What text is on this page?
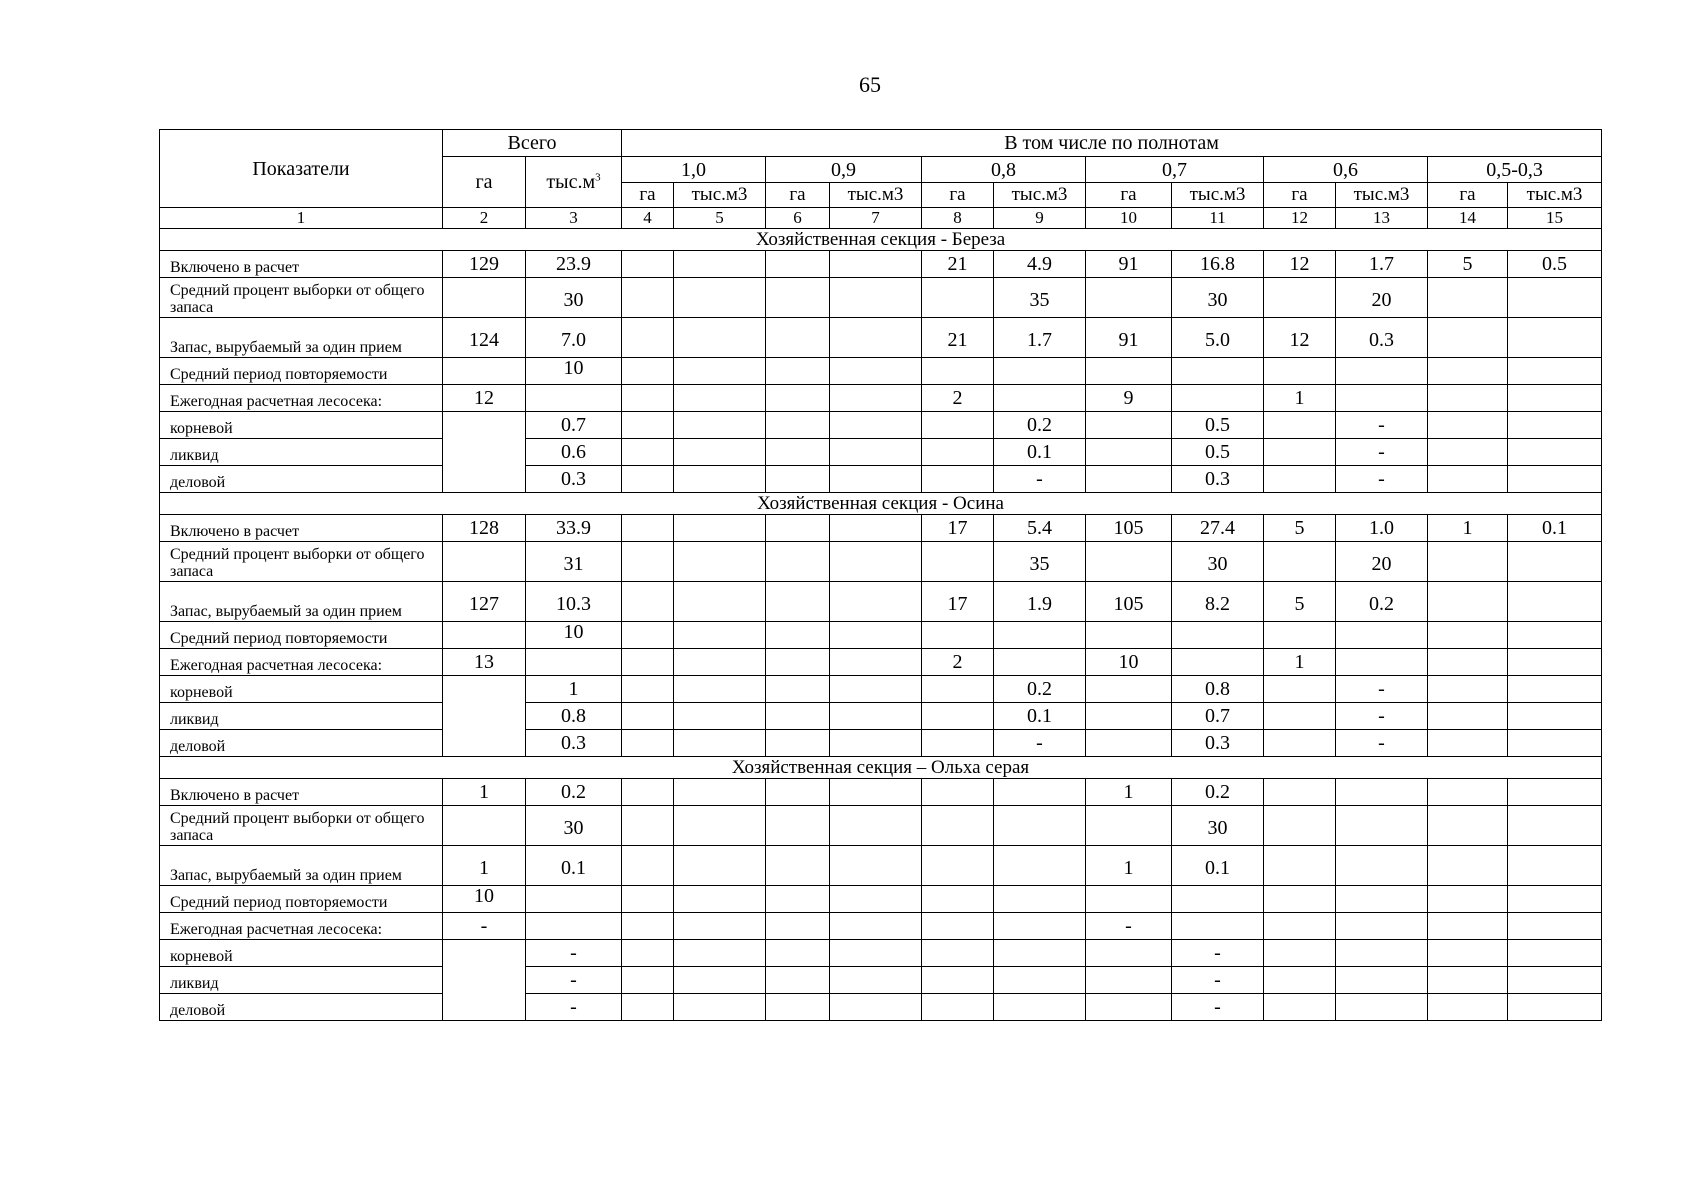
65
Показатели	Всего		В том числе по полнотам											
	га	$тыс.м^3$	1,0		0,9		0,8		0,7		0,6		0,5-0,3	
			га	тыс.м3	га	тыс.м3	га	тыс.м3	га	тыс.м3	га	тыс.м3	га	тыс.м3
1	2	3	4	5	6	7	8	9	10	11	12	13	14	15
Хозяйственная секция - Береза														
Включено в расчет	129	23.9					21	4.9	91	16.8	12	1.7	5	0.5
Средний процент выборки от общего запаса		30						35		30		20		
Запас, вырубаемый за один прием	124	7.0					21	1.7	91	5.0	12	0.3		
Средний период повторяемости		10												
Ежегодная расчетная лесосека:	12						2		9		1			
корневой		0.7						0.2		0.5		-		
ликвид		0.6						0.1		0.5		-		
деловой		0.3						-		0.3		-		
Хозяйственная секция - Осина														
Включено в расчет	128	33.9					17	5.4	105	27.4	5	1.0	1	0.1
Средний процент выборки от общего запаса		31						35		30		20		
Запас, вырубаемый за один прием	127	10.3					17	1.9	105	8.2	5	0.2		
Средний период повторяемости		10												
Ежегодная расчетная лесосека:	13						2		10		1			
корневой		1						0.2		0.8		-		
ликвид		0.8						0.1		0.7		-		
деловой		0.3						-		0.3		-		
Хозяйственная секция – Ольха серая														
Включено в расчет	1	0.2							1	0.2				
Средний процент выборки от общего запаса		30								30				
Запас, вырубаемый за один прием	1	0.1							1	0.1				
Средний период повторяемости	10													
Ежегодная расчетная лесосека:	-								-					
корневой		-								-				
ликвид		-								-				
деловой		-								-				
